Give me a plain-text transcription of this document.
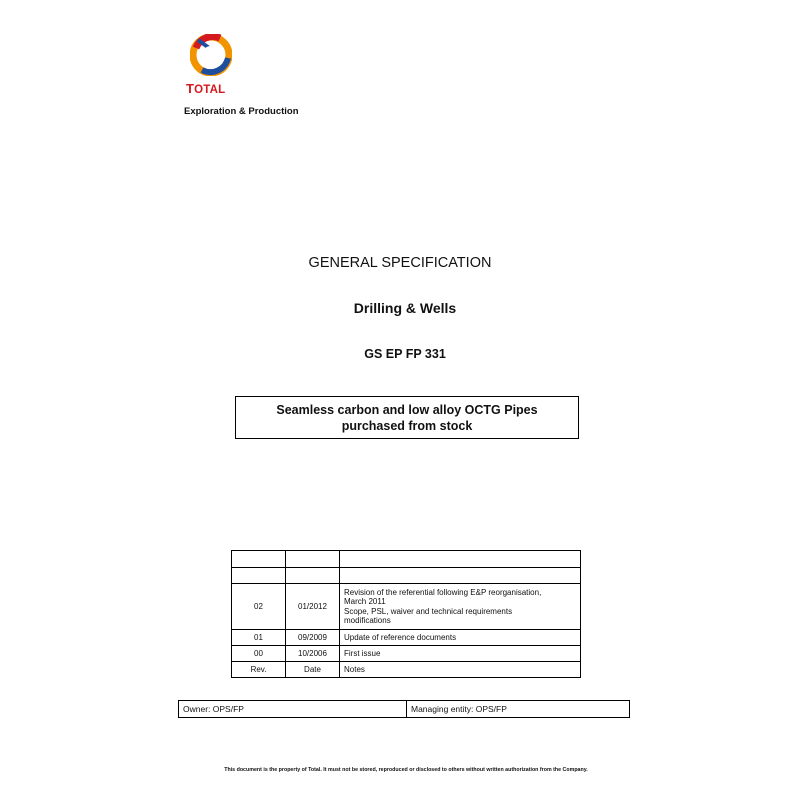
TOTAL
Exploration & Production
GENERAL SPECIFICATION
Drilling & Wells
GS EP FP 331
Seamless carbon and low alloy OCTG Pipes
purchased from stock

02	01/2012	Revision of the referential following E&P reorganisation,
March 2011
Scope, PSL, waiver and technical requirements
modifications

01	09/2009	Update of reference documents
00	10/2006	First issue
Rev.	Date	Notes
Owner: OPS/FP	Managing entity: OPS/FP
This document is the property of Total. It must not be stored, reproduced or disclosed to others without written authorization from the Company.
